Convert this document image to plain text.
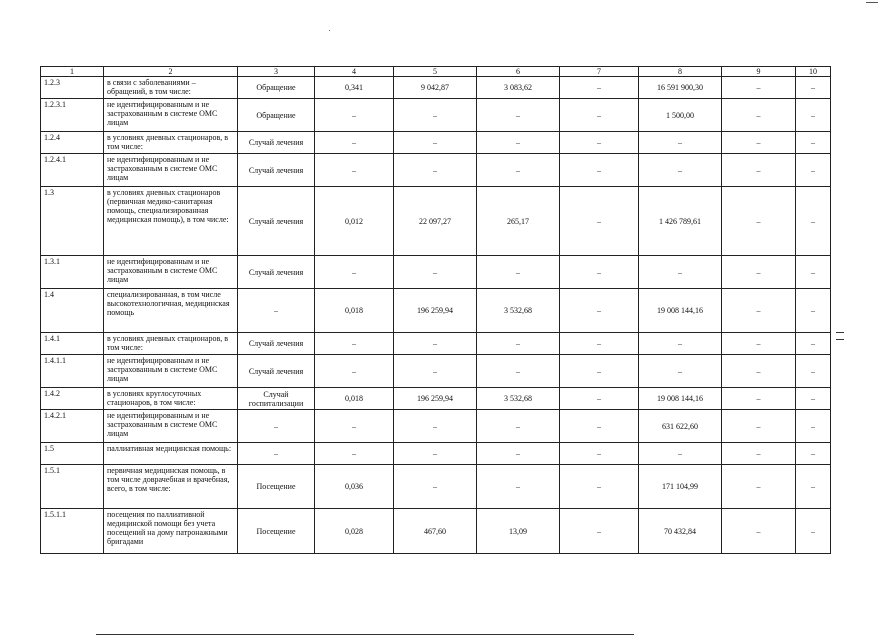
1	2	3	4	5	6	7	8	9	10
1.2.3	в связи с заболеваниями – обращений, в том числе:	Обращение	0,341	9 042,87	3 083,62	–	16 591 900,30	–	–
1.2.3.1	не идентифицированным и не застрахованным в системе ОМС лицам	Обращение	–	–	–	–	1 500,00	–	–
1.2.4	в условиях дневных стационаров, в том числе:	Случай лечения	–	–	–	–	–	–	–
1.2.4.1	не идентифицированным и не застрахованным в системе ОМС лицам	Случай лечения	–	–	–	–	–	–	–
1.3	в условиях дневных стационаров (первичная медико-санитарная помощь, специализированная медицинская помощь), в том числе:	Случай лечения	0,012	22 097,27	265,17	–	1 426 789,61	–	–
1.3.1	не идентифицированным и не застрахованным в системе ОМС лицам	Случай лечения	–	–	–	–	–	–	–
1.4	специализированная, в том числе высокотехнологичная, медицинская помощь	–	0,018	196 259,94	3 532,68	–	19 008 144,16	–	–
1.4.1	в условиях дневных стационаров, в том числе:	Случай лечения	–	–	–	–	–	–	–
1.4.1.1	не идентифицированным и не застрахованным в системе ОМС лицам	Случай лечения	–	–	–	–	–	–	–
1.4.2	в условиях круглосуточных стационаров, в том числе:	Случай госпитализации	0,018	196 259,94	3 532,68	–	19 008 144,16	–	–
1.4.2.1	не идентифицированным и не застрахованным в системе ОМС лицам	–	–	–	–	–	631 622,60	–	–
1.5	паллиативная медицинская помощь:	–	–	–	–	–	–	–	–
1.5.1	первичная медицинская помощь, в том числе доврачебная и врачебная, всего, в том числе:	Посещение	0,036	–	–	–	171 104,99	–	–
1.5.1.1	посещения по паллиативной медицинской помощи без учета посещений на дому патронажными бригадами	Посещение	0,028	467,60	13,09	–	70 432,84	–	–
